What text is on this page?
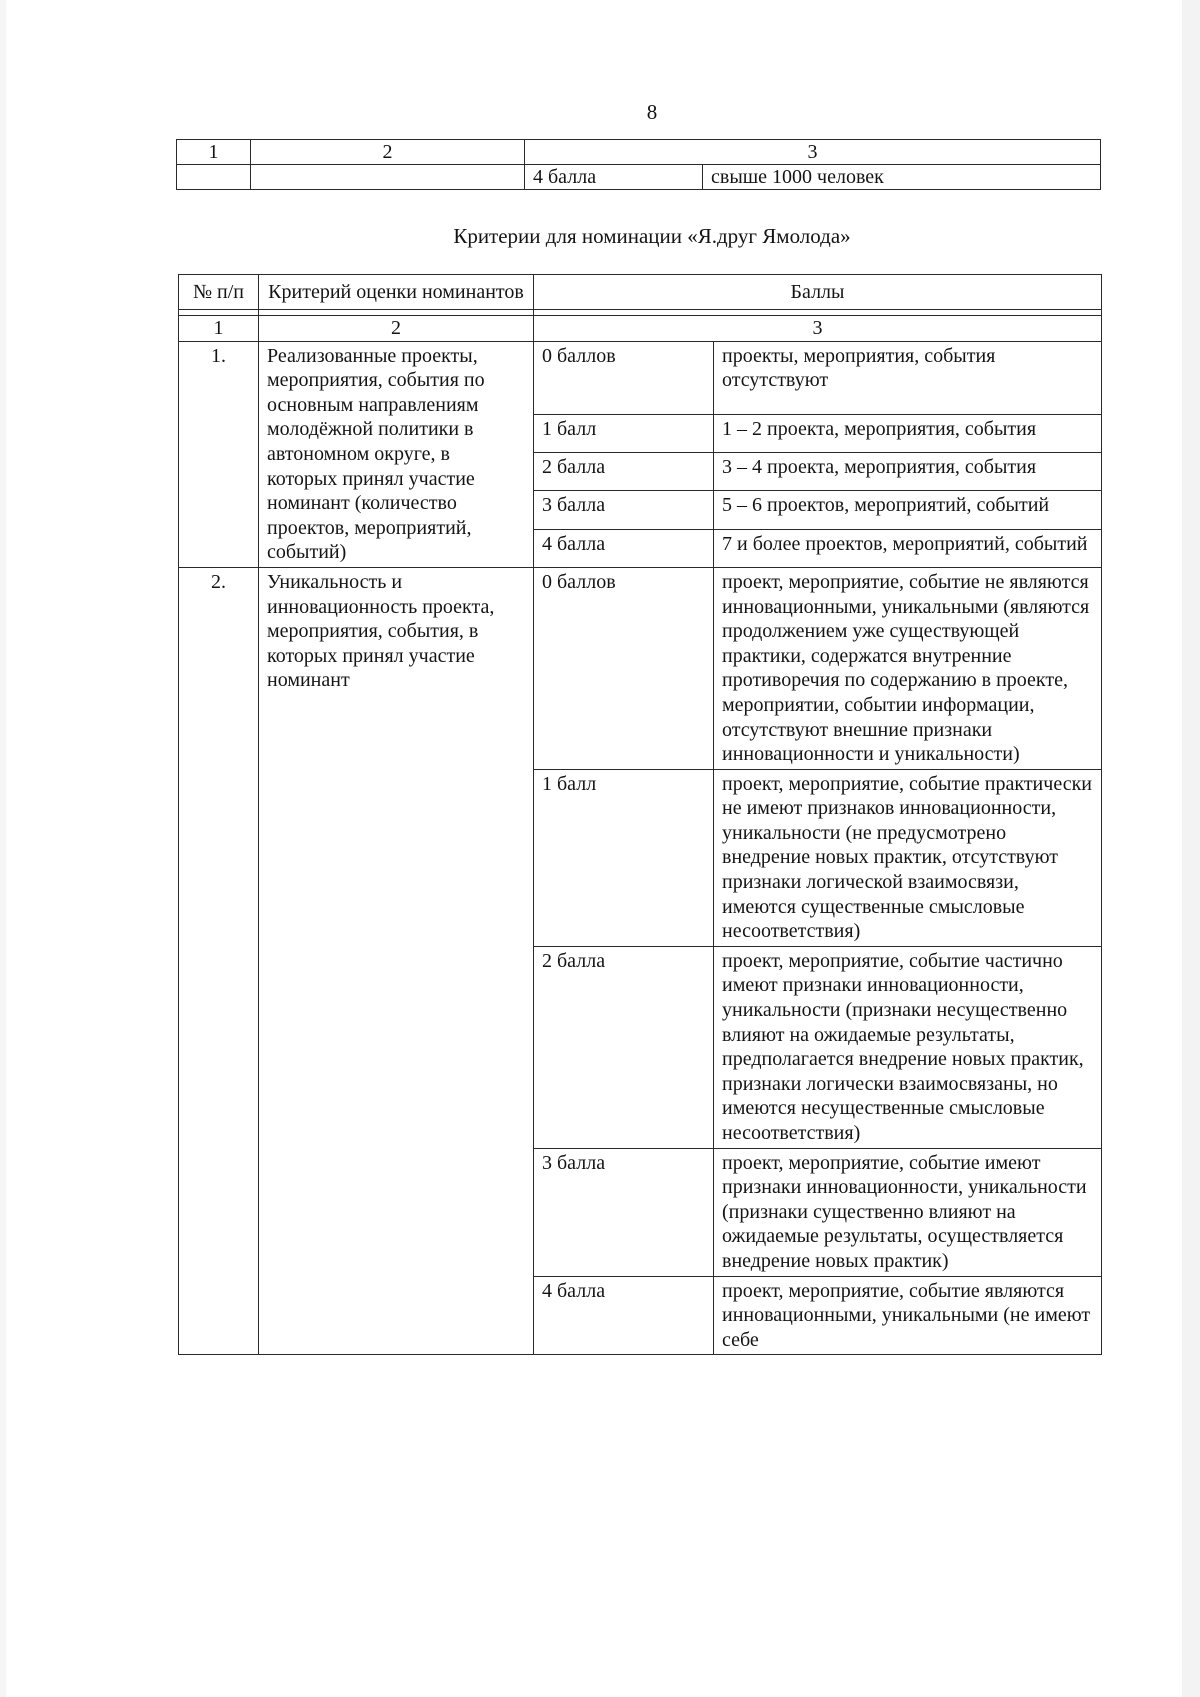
8
1	2	3	
		4 балла	свыше 1000 человек
Критерии для номинации «Я.друг Ямолода»
№ п/п	Критерий оценки номинантов	Баллы	

1	2	3	
1.	Реализованные проекты, мероприятия, события по основным направлениям молодёжной политики в автономном округе, в которых принял участие номинант (количество проектов, мероприятий, событий)	0 баллов	проекты, мероприятия, события отсутствуют
		1 балл	1 – 2 проекта, мероприятия, события
		2 балла	3 – 4 проекта, мероприятия, события
		3 балла	5 – 6 проектов, мероприятий, событий
		4 балла	7 и более проектов, мероприятий, событий
2.	Уникальность и инновационность проекта, мероприятия, события, в которых принял участие номинант	0 баллов	проект, мероприятие, событие не являются инновационными, уникальными (являются продолжением уже существующей практики, содержатся внутренние противоречия по содержанию в проекте, мероприятии, событии информации, отсутствуют внешние признаки инновационности и уникальности)
		1 балл	проект, мероприятие, событие практически не имеют признаков инновационности, уникальности (не предусмотрено внедрение новых практик, отсутствуют признаки логической взаимосвязи, имеются существенные смысловые несоответствия)
		2 балла	проект, мероприятие, событие частично имеют признаки инновационности, уникальности (признаки несущественно влияют на ожидаемые результаты, предполагается внедрение новых практик, признаки логически взаимосвязаны, но имеются несущественные смысловые несоответствия)
		3 балла	проект, мероприятие, событие имеют признаки инновационности, уникальности (признаки существенно влияют на ожидаемые результаты, осуществляется внедрение новых практик)
		4 балла	проект, мероприятие, событие являются инновационными, уникальными (не имеют себе
